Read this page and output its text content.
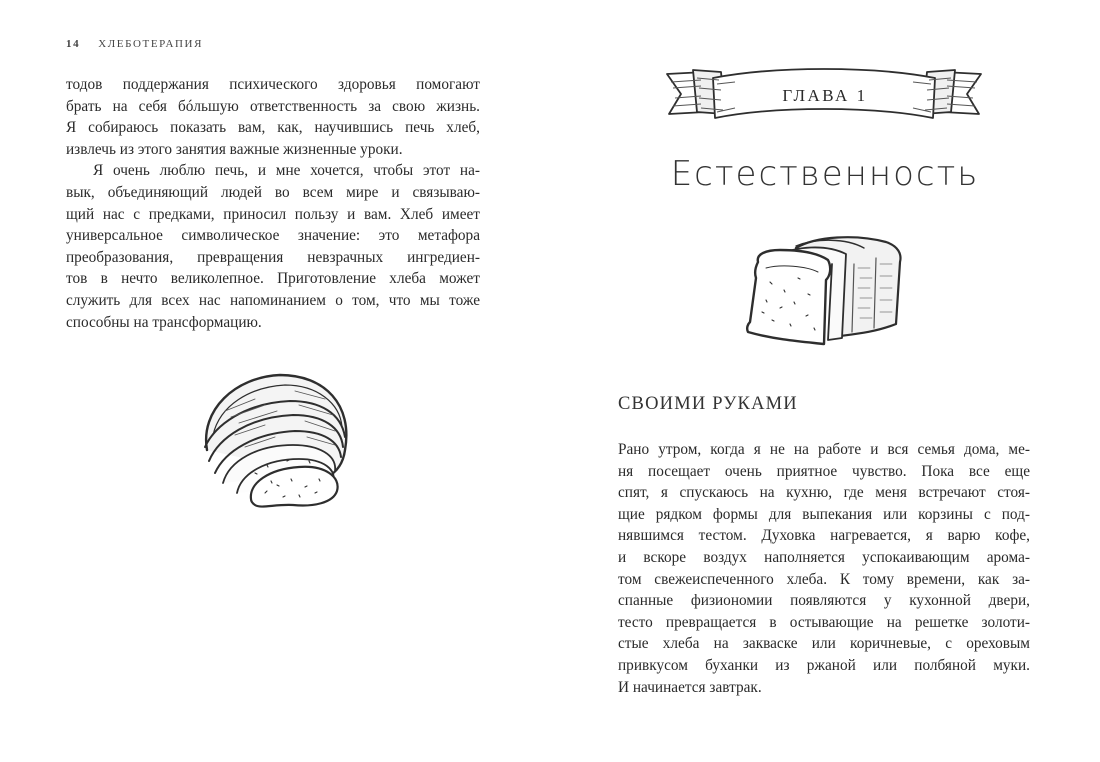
14 ХЛЕБОТЕРАПИЯ

тодов поддержания психического здоровья помогают
брать на себя бóльшую ответственность за свою жизнь.
Я собираюсь показать вам, как, научившись печь хлеб,
извлечь из этого занятия важные жизненные уроки.

Я очень люблю печь, и мне хочется, чтобы этот на-
вык, объединяющий людей во всем мире и связываю-
щий нас с предками, приносил пользу и вам. Хлеб имеет
универсальное символическое значение: это метафора
преобразования, превращения невзрачных ингредиен-
тов в нечто великолепное. Приготовление хлеба может
служить для всех нас напоминанием о том, что мы тоже
способны на трансформацию.

ГЛАВА 1
Естественность
СВОИМИ РУКАМИ

Рано утром, когда я не на работе и вся семья дома, ме-
ня посещает очень приятное чувство. Пока все еще
спят, я спускаюсь на кухню, где меня встречают стоя-
щие рядком формы для выпекания или корзины с под-
нявшимся тестом. Духовка нагревается, я варю кофе,
и вскоре воздух наполняется успокаивающим арома-
том свежеиспеченного хлеба. К тому времени, как за-
спанные физиономии появляются у кухонной двери,
тесто превращается в остывающие на решетке золоти-
стые хлеба на закваске или коричневые, с ореховым
привкусом буханки из ржаной или полбяной муки.
И начинается завтрак.
